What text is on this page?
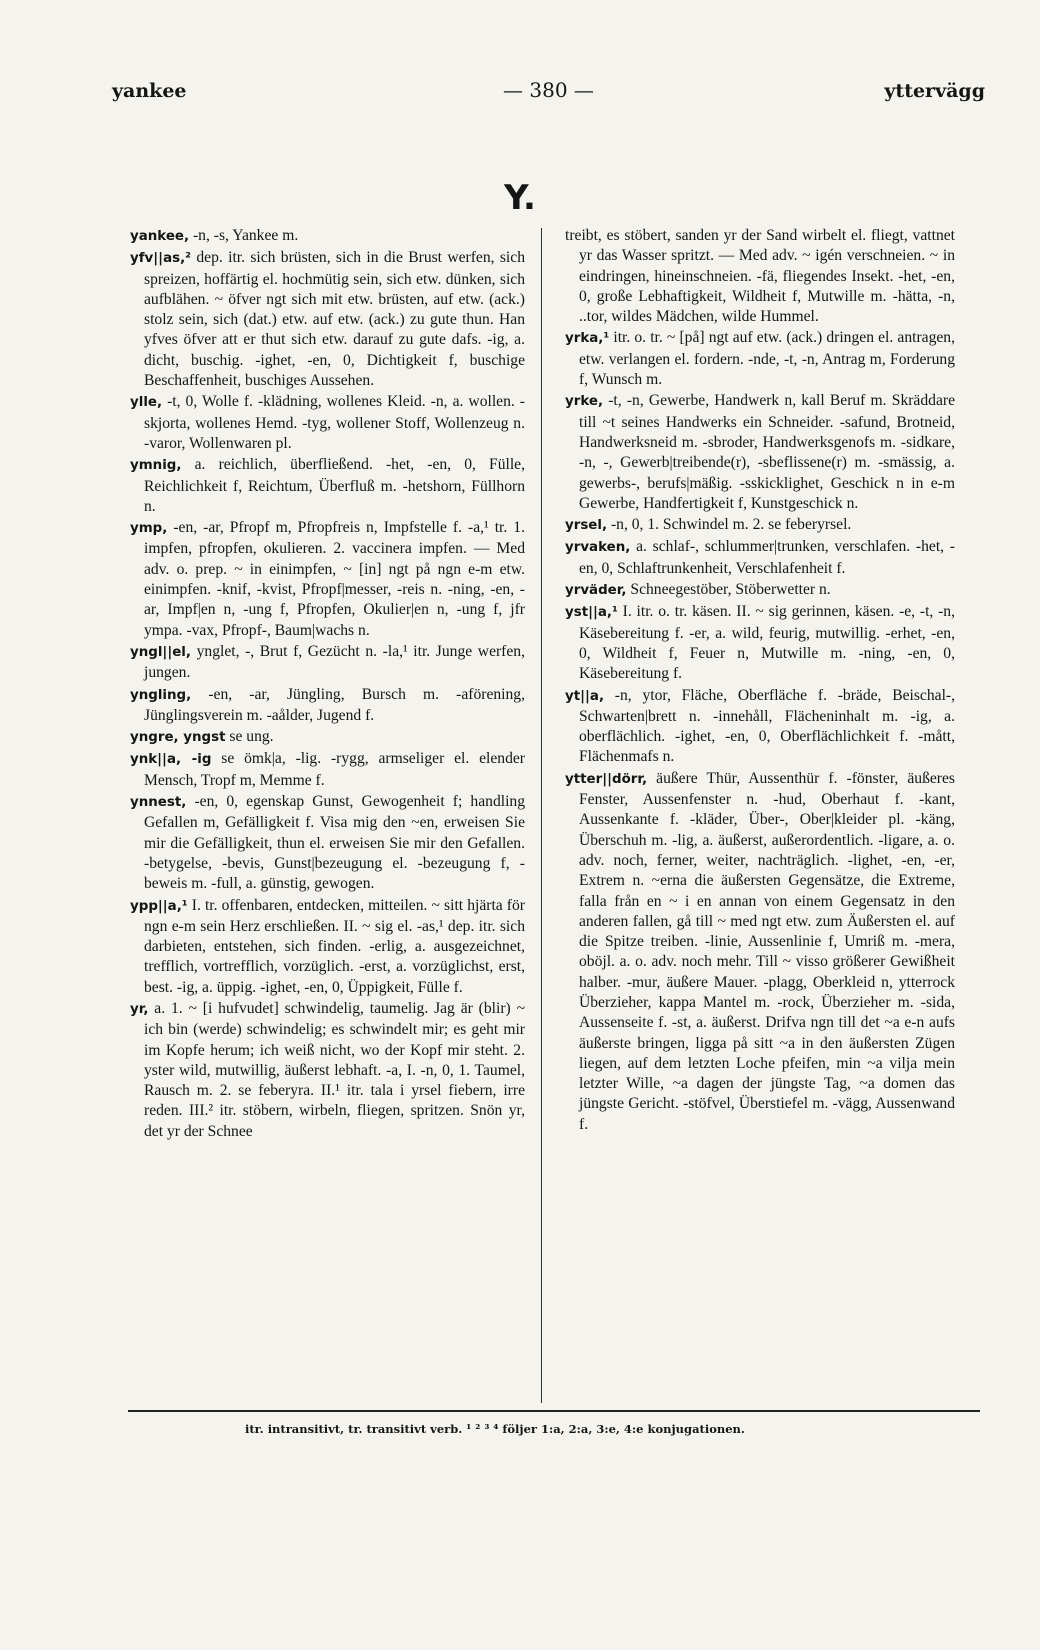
yankee	— 380 —	yttervägg
Y.
yankee, -n, -s, Yankee m.
yfv||as,² dep. itr. sich brüsten, sich in die Brust werfen, sich spreizen, hoffärtig el. hochmütig sein, sich etw. dünken, sich aufblähen. ~ öfver ngt sich mit etw. brüsten, auf etw. (ack.) stolz sein, sich (dat.) etw. auf etw. (ack.) zu gute thun. Han yfves öfver att er thut sich etw. darauf zu gute dafs. -ig, a. dicht, buschig. -ighet, -en, 0, Dichtigkeit f, buschige Beschaffenheit, buschiges Aussehen.
ylle, -t, 0, Wolle f. -klädning, wollenes Kleid. -n, a. wollen. -skjorta, wollenes Hemd. -tyg, wollener Stoff, Wollenzeug n. -varor, Wollenwaren pl.
ymnig, a. reichlich, überfließend. -het, -en, 0, Fülle, Reichlichkeit f, Reichtum, Überfluß m. -hetshorn, Füllhorn n.
ymp, -en, -ar, Pfropf m, Pfropfreis n, Impfstelle f. -a,¹ tr. 1. impfen, pfropfen, okulieren. 2. vaccinera impfen. — Med adv. o. prep. ~ in einimpfen, ~ [in] ngt på ngn e-m etw. einimpfen. -knif, -kvist, Pfropf|messer, -reis n. -ning, -en, -ar, Impf|en n, -ung f, Pfropfen, Okulier|en n, -ung f, jfr ympa. -vax, Pfropf-, Baum|wachs n.
yngl||el, ynglet, -, Brut f, Gezücht n. -la,¹ itr. Junge werfen, jungen.
yngling, -en, -ar, Jüngling, Bursch m. -aförening, Jünglingsverein m. -aålder, Jugend f.
yngre, yngst se ung.
ynk||a, -ig se ömk|a, -lig. -rygg, armseliger el. elender Mensch, Tropf m, Memme f.
ynnest, -en, 0, egenskap Gunst, Gewogenheit f; handling Gefallen m, Gefälligkeit f. Visa mig den ~en, erweisen Sie mir die Gefälligkeit, thun el. erweisen Sie mir den Gefallen. -betygelse, -bevis, Gunst|bezeugung el. -bezeugung f, -beweis m. -full, a. günstig, gewogen.
ypp||a,¹ I. tr. offenbaren, entdecken, mitteilen. ~ sitt hjärta för ngn e-m sein Herz erschließen. II. ~ sig el. -as,¹ dep. itr. sich darbieten, entstehen, sich finden. -erlig, a. ausgezeichnet, trefflich, vortrefflich, vorzüglich. -erst, a. vorzüglichst, erst, best. -ig, a. üppig. -ighet, -en, 0, Üppigkeit, Fülle f.
yr, a. 1. ~ [i hufvudet] schwindelig, taumelig. Jag är (blir) ~ ich bin (werde) schwindelig; es schwindelt mir; es geht mir im Kopfe herum; ich weiß nicht, wo der Kopf mir steht. 2. yster wild, mutwillig, äußerst lebhaft. -a, I. -n, 0, 1. Taumel, Rausch m. 2. se feberyra. II.¹ itr. tala i yrsel fiebern, irre reden. III.² itr. stöbern, wirbeln, fliegen, spritzen. Snön yr, det yr der Schnee
treibt, es stöbert, sanden yr der Sand wirbelt el. fliegt, vattnet yr das Wasser spritzt. — Med adv. ~ igén verschneien. ~ in eindringen, hineinschneien. -fä, fliegendes Insekt. -het, -en, 0, große Lebhaftigkeit, Wildheit f, Mutwille m. -hätta, -n, ..tor, wildes Mädchen, wilde Hummel.
yrka,¹ itr. o. tr. ~ [på] ngt auf etw. (ack.) dringen el. antragen, etw. verlangen el. fordern. -nde, -t, -n, Antrag m, Forderung f, Wunsch m.
yrke, -t, -n, Gewerbe, Handwerk n, kall Beruf m. Skräddare till ~t seines Handwerks ein Schneider. -safund, Brotneid, Handwerksneid m. -sbroder, Handwerksgenofs m. -sidkare, -n, -, Gewerb|treibende(r), -sbeflissene(r) m. -smässig, a. gewerbs-, berufs|mäßig. -sskicklighet, Geschick n in e-m Gewerbe, Handfertigkeit f, Kunstgeschick n.
yrsel, -n, 0, 1. Schwindel m. 2. se feberyrsel.
yrvaken, a. schlaf-, schlummer|trunken, verschlafen. -het, -en, 0, Schlaftrunkenheit, Verschlafenheit f.
yrväder, Schneegestöber, Stöberwetter n.
yst||a,¹ I. itr. o. tr. käsen. II. ~ sig gerinnen, käsen. -e, -t, -n, Käsebereitung f. -er, a. wild, feurig, mutwillig. -erhet, -en, 0, Wildheit f, Feuer n, Mutwille m. -ning, -en, 0, Käsebereitung f.
yt||a, -n, ytor, Fläche, Oberfläche f. -bräde, Beischal-, Schwarten|brett n. -innehåll, Flächeninhalt m. -ig, a. oberflächlich. -ighet, -en, 0, Oberflächlichkeit f. -mått, Flächenmafs n.
ytter||dörr, äußere Thür, Aussenthür f. -fönster, äußeres Fenster, Aussenfenster n. -hud, Oberhaut f. -kant, Aussenkante f. -kläder, Über-, Ober|kleider pl. -käng, Überschuh m. -lig, a. äußerst, außerordentlich. -ligare, a. o. adv. noch, ferner, weiter, nachträglich. -lighet, -en, -er, Extrem n. ~erna die äußersten Gegensätze, die Extreme, falla från en ~ i en annan von einem Gegensatz in den anderen fallen, gå till ~ med ngt etw. zum Äußersten el. auf die Spitze treiben. -linie, Aussenlinie f, Umriß m. -mera, oböjl. a. o. adv. noch mehr. Till ~ visso größerer Gewißheit halber. -mur, äußere Mauer. -plagg, Oberkleid n, ytterrock Überzieher, kappa Mantel m. -rock, Überzieher m. -sida, Aussenseite f. -st, a. äußerst. Drifva ngn till det ~a e-n aufs äußerste bringen, ligga på sitt ~a in den äußersten Zügen liegen, auf dem letzten Loche pfeifen, min ~a vilja mein letzter Wille, ~a dagen der jüngste Tag, ~a domen das jüngste Gericht. -stöfvel, Überstiefel m. -vägg, Aussenwand f.
itr. intransitivt, tr. transitivt verb. ¹ ² ³ ⁴ följer 1:a, 2:a, 3:e, 4:e konjugationen.
